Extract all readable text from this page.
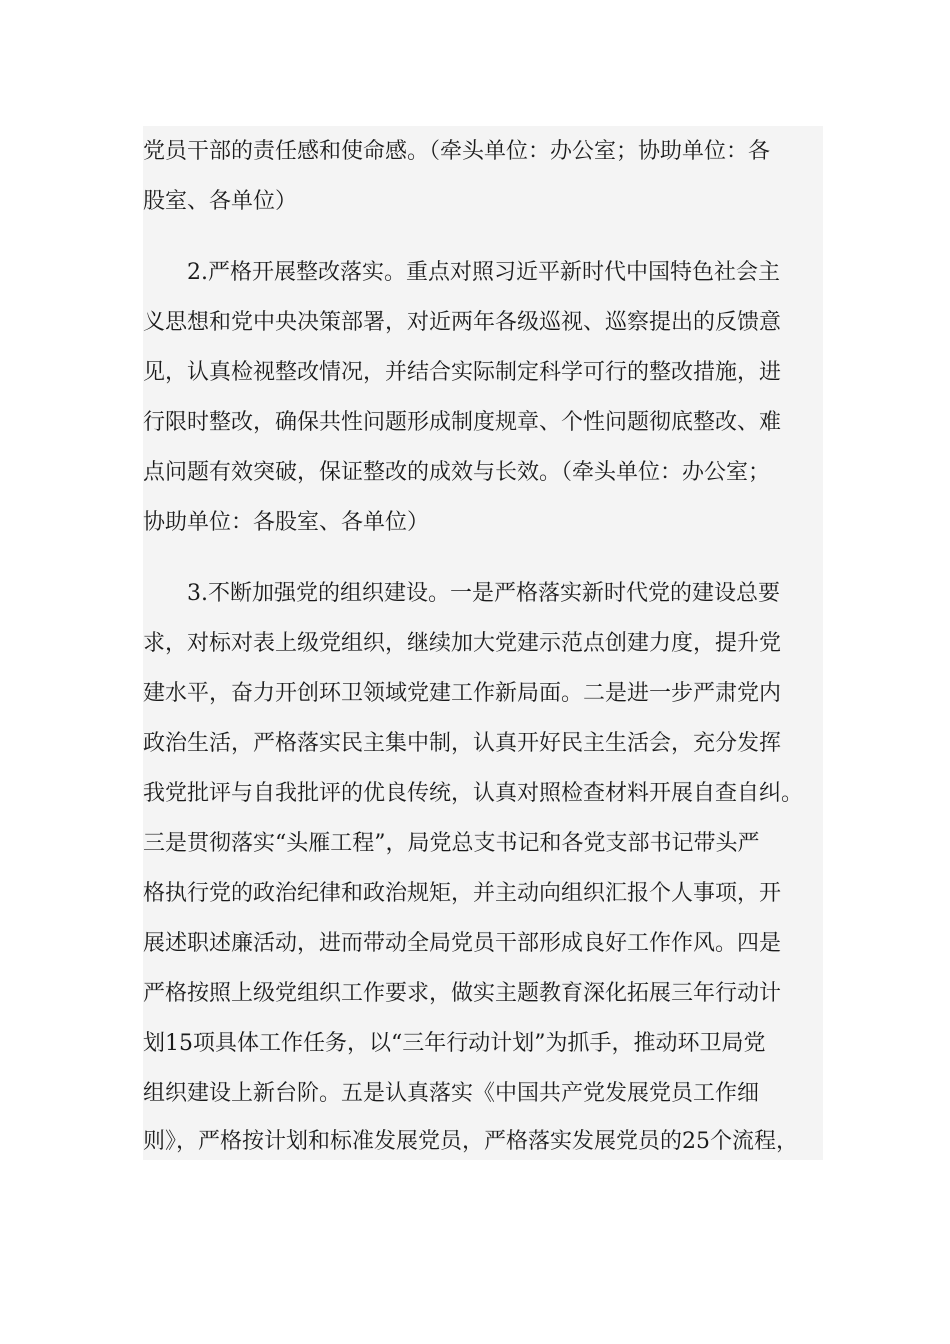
党员干部的责任感和使命感。（牵头单位：办公室；协助单位：各
股室、各单位）
　　2.严格开展整改落实。重点对照习近平新时代中国特色社会主
义思想和党中央决策部署，对近两年各级巡视、巡察提出的反馈意
见，认真检视整改情况，并结合实际制定科学可行的整改措施，进
行限时整改，确保共性问题形成制度规章、个性问题彻底整改、难
点问题有效突破，保证整改的成效与长效。（牵头单位：办公室；
协助单位：各股室、各单位）
　　3.不断加强党的组织建设。一是严格落实新时代党的建设总要
求，对标对表上级党组织，继续加大党建示范点创建力度，提升党
建水平，奋力开创环卫领域党建工作新局面。二是进一步严肃党内
政治生活，严格落实民主集中制，认真开好民主生活会，充分发挥
我党批评与自我批评的优良传统，认真对照检查材料开展自查自纠。
三是贯彻落实“头雁工程”，局党总支书记和各党支部书记带头严
格执行党的政治纪律和政治规矩，并主动向组织汇报个人事项，开
展述职述廉活动，进而带动全局党员干部形成良好工作作风。四是
严格按照上级党组织工作要求，做实主题教育深化拓展三年行动计
划15项具体工作任务，以“三年行动计划”为抓手，推动环卫局党
组织建设上新台阶。五是认真落实《中国共产党发展党员工作细
则》，严格按计划和标准发展党员，严格落实发展党员的25个流程，
